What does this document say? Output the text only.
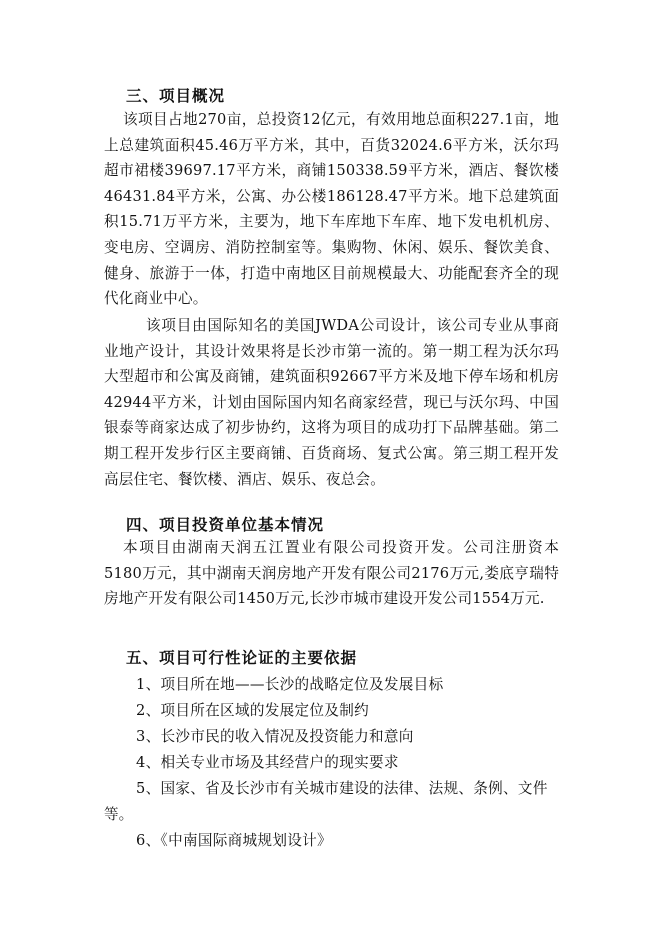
三、项目概况
该项目占地270亩，总投资12亿元，有效用地总面积227.1亩，地上总建筑面积45.46万平方米，其中，百货32024.6平方米，沃尔玛超市裙楼39697.17平方米，商铺150338.59平方米，酒店、餐饮楼46431.84平方米，公寓、办公楼186128.47平方米。地下总建筑面积15.71万平方米，主要为，地下车库地下车库、地下发电机机房、变电房、空调房、消防控制室等。集购物、休闲、娱乐、餐饮美食、健身、旅游于一体，打造中南地区目前规模最大、功能配套齐全的现代化商业中心。
该项目由国际知名的美国JWDA公司设计，该公司专业从事商业地产设计，其设计效果将是长沙市第一流的。第一期工程为沃尔玛大型超市和公寓及商铺，建筑面积92667平方米及地下停车场和机房42944平方米，计划由国际国内知名商家经营，现已与沃尔玛、中国银泰等商家达成了初步协约，这将为项目的成功打下品牌基础。第二期工程开发步行区主要商铺、百货商场、复式公寓。第三期工程开发高层住宅、餐饮楼、酒店、娱乐、夜总会。
四、项目投资单位基本情况
本项目由湖南天润五江置业有限公司投资开发。公司注册资本5180万元，其中湖南天润房地产开发有限公司2176万元,娄底亨瑞特房地产开发有限公司1450万元,长沙市城市建设开发公司1554万元.
五、项目可行性论证的主要依据
1、项目所在地——长沙的战略定位及发展目标
2、项目所在区域的发展定位及制约
3、长沙市民的收入情况及投资能力和意向
4、相关专业市场及其经营户的现实要求
5、国家、省及长沙市有关城市建设的法律、法规、条例、文件
等。
6、《中南国际商城规划设计》
